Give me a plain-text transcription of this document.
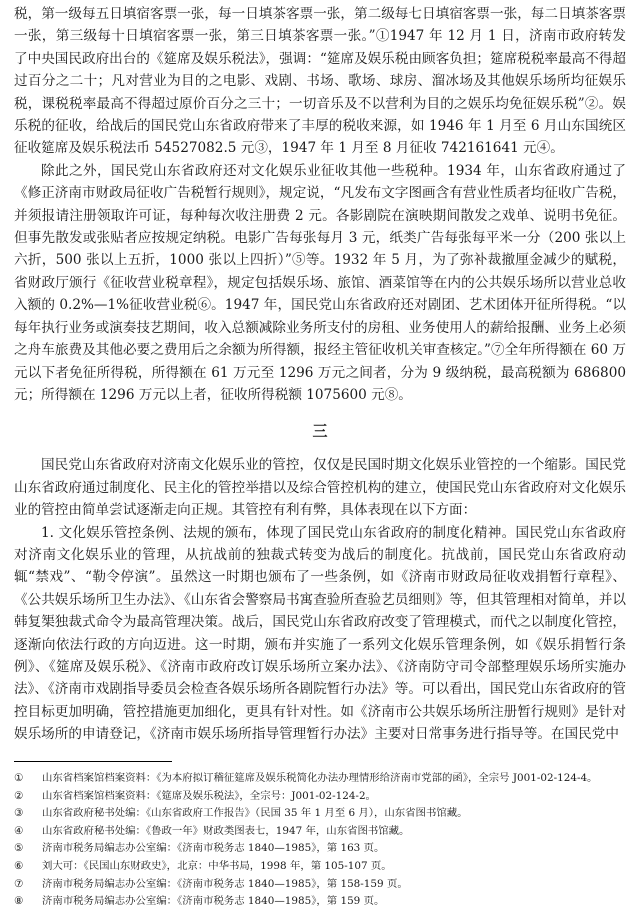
税，第一级每五日填宿客票一张，每一日填茶客票一张，第二级每七日填宿客票一张，每二日填茶客票一张，第三级每十日填宿客票一张，第三日填茶客票一张。”①1947 年 12 月 1 日，济南市政府转发了中央国民政府出台的《筵席及娱乐税法》，强调：“筵席及娱乐税由顾客负担；筵席税税率最高不得超过百分之二十；凡对营业为目的之电影、戏剧、书场、歌场、球房、溜冰场及其他娱乐场所均征娱乐税，课税税率最高不得超过原价百分之三十；一切音乐及不以营利为目的之娱乐均免征娱乐税”②。娱乐税的征收，给战后的国民党山东省政府带来了丰厚的税收来源，如 1946 年 1 月至 6 月山东国统区征收筵席及娱乐税法币 54527082.5 元③，1947 年 1 月至 8 月征收 742161641 元④。

除此之外，国民党山东省政府还对文化娱乐业征收其他一些税种。1934 年，山东省政府通过了《修正济南市财政局征收广告税暂行规则》，规定说，“凡发布文字图画含有营业性质者均征收广告税，并须报请注册领取许可证，每种每次收注册费 2 元。各影剧院在演映期间散发之戏单、说明书免征。但事先散发或张贴者应按规定纳税。电影广告每张每月 3 元，纸类广告每张每平米一分（200 张以上六折，500 张以上五折，1000 张以上四折）”⑤等。1932 年 5 月，为了弥补裁撤厘金减少的赋税，省财政厅颁行《征收营业税章程》，规定包括娱乐场、旅馆、酒菜馆等在内的公共娱乐场所以营业总收入额的 0.2%—1%征收营业税⑥。1947 年，国民党山东省政府还对剧团、艺术团体开征所得税。“以每年执行业务或演奏技艺期间，收入总额减除业务所支付的房租、业务使用人的薪给报酬、业务上必须之舟车旅费及其他必要之费用后之余额为所得额，报经主管征收机关审查核定。”⑦全年所得额在 60 万元以下者免征所得税，所得额在 61 万元至 1296 万元之间者，分为 9 级纳税，最高税额为 686800 元；所得额在 1296 万元以上者，征收所得税额 1075600 元⑧。

三

国民党山东省政府对济南文化娱乐业的管控，仅仅是民国时期文化娱乐业管控的一个缩影。国民党山东省政府通过制度化、民主化的管控举措以及综合管控机构的建立，使国民党山东省政府对文化娱乐业的管控由简单尝试逐渐走向正规。其管控有利有弊，具体表现在以下方面：

1. 文化娱乐管控条例、法规的颁布，体现了国民党山东省政府的制度化精神。国民党山东省政府对济南文化娱乐业的管理，从抗战前的独裁式转变为战后的制度化。抗战前，国民党山东省政府动辄“禁戏”、“勒令停演”。虽然这一时期也颁布了一些条例，如《济南市财政局征收戏捐暂行章程》、《公共娱乐场所卫生办法》、《山东省会警察局书寓查验所查验艺员细则》等，但其管理相对简单，并以韩复榘独裁式命令为最高管理决策。战后，国民党山东省政府改变了管理模式，而代之以制度化管控，逐渐向依法行政的方向迈进。这一时期，颁布并实施了一系列文化娱乐管理条例，如《娱乐捐暂行条例》、《筵席及娱乐税》、《济南市政府改订娱乐场所立案办法》、《济南防守司令部整理娱乐场所实施办法》、《济南市戏剧指导委员会检查各娱乐场所各剧院暂行办法》等。可以看出，国民党山东省政府的管控目标更加明确，管控措施更加细化，更具有针对性。如《济南市公共娱乐场所注册暂行规则》是针对娱乐场所的申请登记，《济南市娱乐场所指导管理暂行办法》主要对日常事务进行指导等。在国民党中

①	山东省档案馆档案资料：《为本府拟订稽征筵席及娱乐税简化办法办理情形给济南市党部的函》，全宗号 J001-02-124-4。
②	山东省档案馆档案资料：《筵席及娱乐税法》，全宗号：J001-02-124-2。
③	山东省政府秘书处编：《山东省政府工作报告》（民国 35 年 1 月至 6 月），山东省图书馆藏。
④	山东省政府秘书处编：《鲁政一年》财政类图表七，1947 年，山东省图书馆藏。
⑤	济南市税务局编志办公室编：《济南市税务志 1840—1985》，第 163 页。
⑥	刘大可：《民国山东财政史》，北京：中华书局，1998 年，第 105-107 页。
⑦	济南市税务局编志办公室编：《济南市税务志 1840—1985》，第 158-159 页。
⑧	济南市税务局编志办公室编：《济南市税务志 1840—1985》，第 159 页。
